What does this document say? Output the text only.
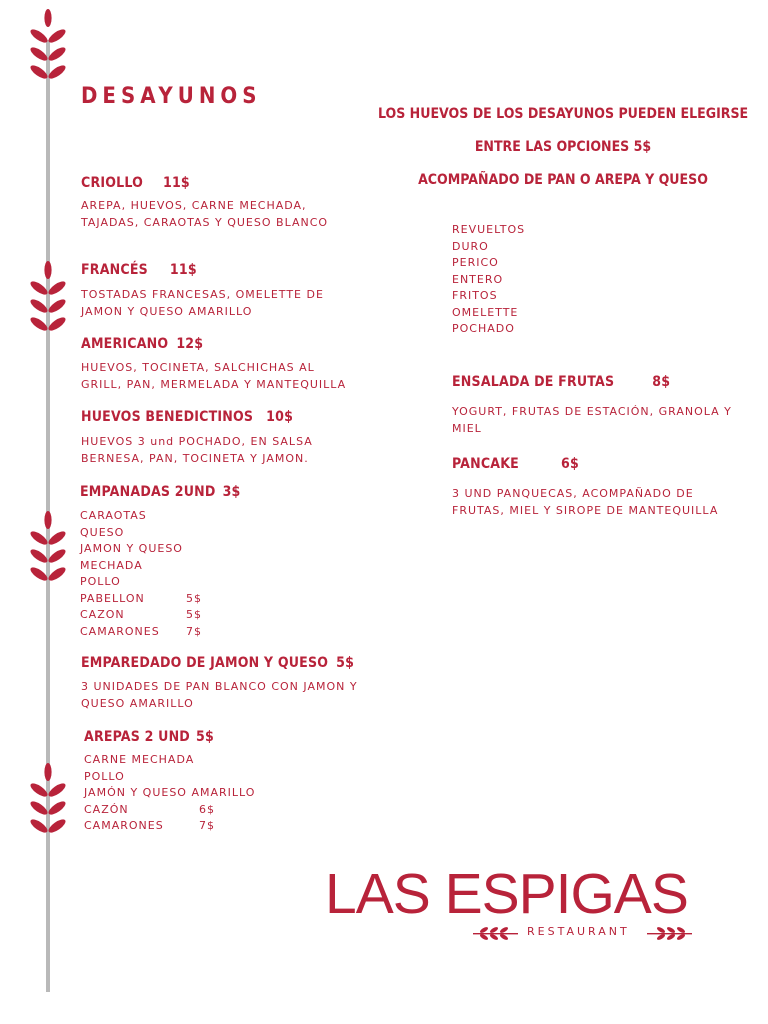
DESAYUNOS
CRIOLLO 11$

AREPA, HUEVOS, CARNE MECHADA, TAJADAS, CARAOTAS Y QUESO BLANCO

FRANCÉS 11$

TOSTADAS FRANCESAS, OMELETTE DE JAMON Y QUESO AMARILLO

AMERICANO 12$

HUEVOS, TOCINETA, SALCHICHAS AL GRILL, PAN, MERMELADA Y MANTEQUILLA

HUEVOS BENEDICTINOS 10$

HUEVOS 3 und POCHADO, EN SALSA BERNESA, PAN, TOCINETA Y JAMON.

EMPANADAS 2UND 3$
CARAOTAS
QUESO
JAMON Y QUESO
MECHADA
POLLO
PABELLON	5$
CAZON	5$
CAMARONES 7$
EMPAREDADO DE JAMON Y QUESO 5$

3 UNIDADES DE PAN BLANCO CON JAMON Y QUESO AMARILLO

AREPAS 2 UND 5$
CARNE MECHADA
POLLO
JAMÓN Y QUESO AMARILLO
CAZÓN	6$
CAMARONES	7$

LOS HUEVOS DE LOS DESAYUNOS PUEDEN ELEGIRSE

ENTRE LAS OPCIONES 5$

ACOMPAÑADO DE PAN O AREPA Y QUESO

REVUELTOS
DURO
PERICO
ENTERO
FRITOS
OMELETTE
POCHADO
ENSALADA DE FRUTAS	8$

YOGURT, FRUTAS DE ESTACIÓN, GRANOLA Y MIEL

PANCAKE	6$

3 UND PANQUECAS, ACOMPAÑADO DE FRUTAS, MIEL Y SIROPE DE MANTEQUILLA

LAS ESPIGAS
RESTAURANT
